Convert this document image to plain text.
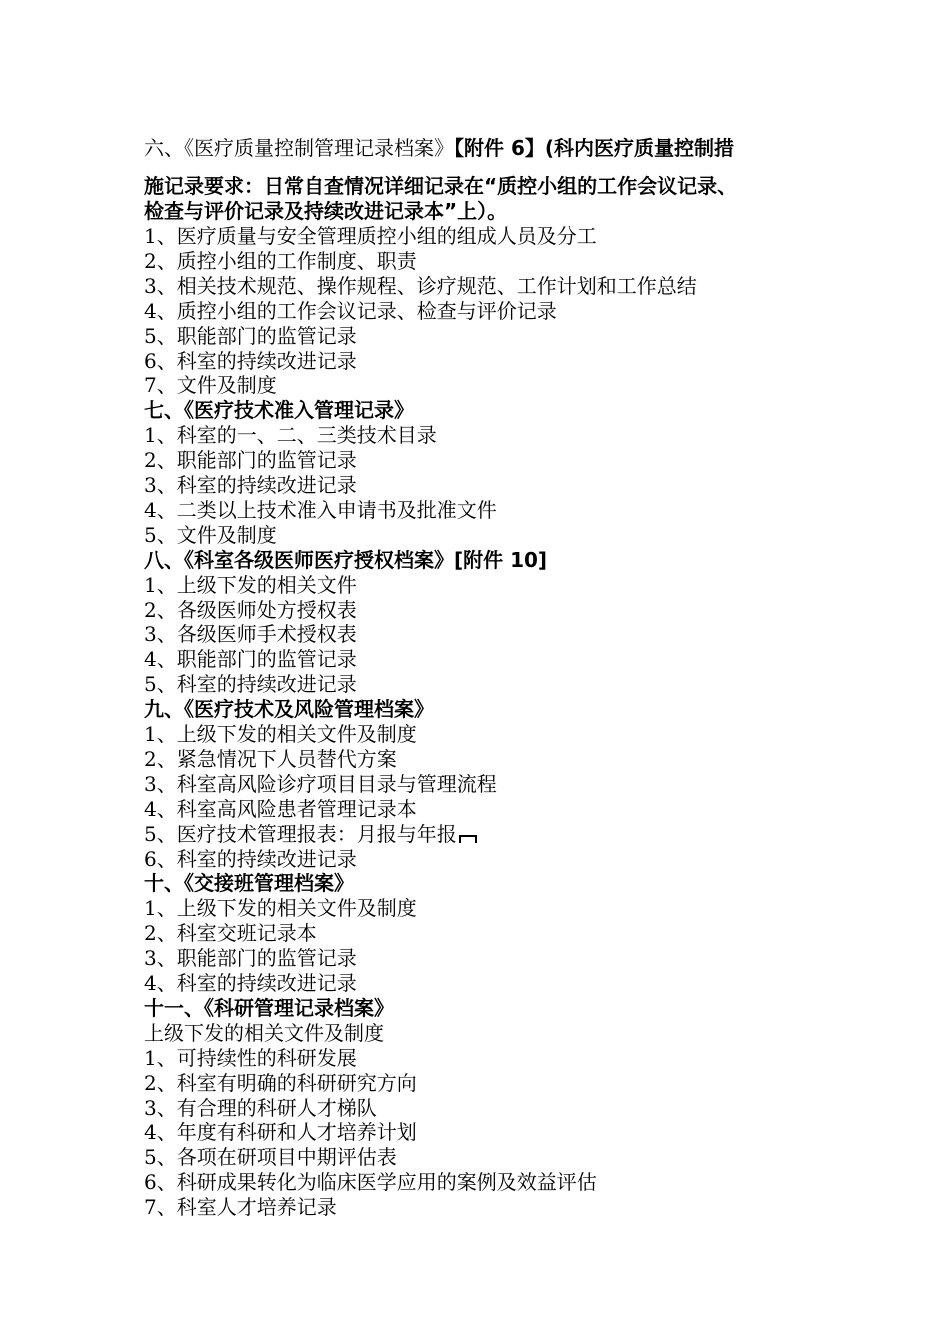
六、《医疗质量控制管理记录档案》【附件 6】(科内医疗质量控制措
施记录要求：日常自查情况详细记录在“质控小组的工作会议记录、
检查与评价记录及持续改进记录本”上）。
1、医疗质量与安全管理质控小组的组成人员及分工
2、质控小组的工作制度、职责
3、相关技术规范、操作规程、诊疗规范、工作计划和工作总结
4、质控小组的工作会议记录、检查与评价记录
5、职能部门的监管记录
6、科室的持续改进记录
7、文件及制度
七、《医疗技术准入管理记录》
1、科室的一、二、三类技术目录
2、职能部门的监管记录
3、科室的持续改进记录
4、二类以上技术准入申请书及批准文件
5、文件及制度
八、《科室各级医师医疗授权档案》[附件 10]
1、上级下发的相关文件
2、各级医师处方授权表
3、各级医师手术授权表
4、职能部门的监管记录
5、科室的持续改进记录
九、《医疗技术及风险管理档案》
1、上级下发的相关文件及制度
2、紧急情况下人员替代方案
3、科室高风险诊疗项目目录与管理流程
4、科室高风险患者管理记录本
5、医疗技术管理报表：月报与年报
6、科室的持续改进记录
十、《交接班管理档案》
1、上级下发的相关文件及制度
2、科室交班记录本
3、职能部门的监管记录
4、科室的持续改进记录
十一、《科研管理记录档案》
上级下发的相关文件及制度
1、可持续性的科研发展
2、科室有明确的科研研究方向
3、有合理的科研人才梯队
4、年度有科研和人才培养计划
5、各项在研项目中期评估表
6、科研成果转化为临床医学应用的案例及效益评估
7、科室人才培养记录
